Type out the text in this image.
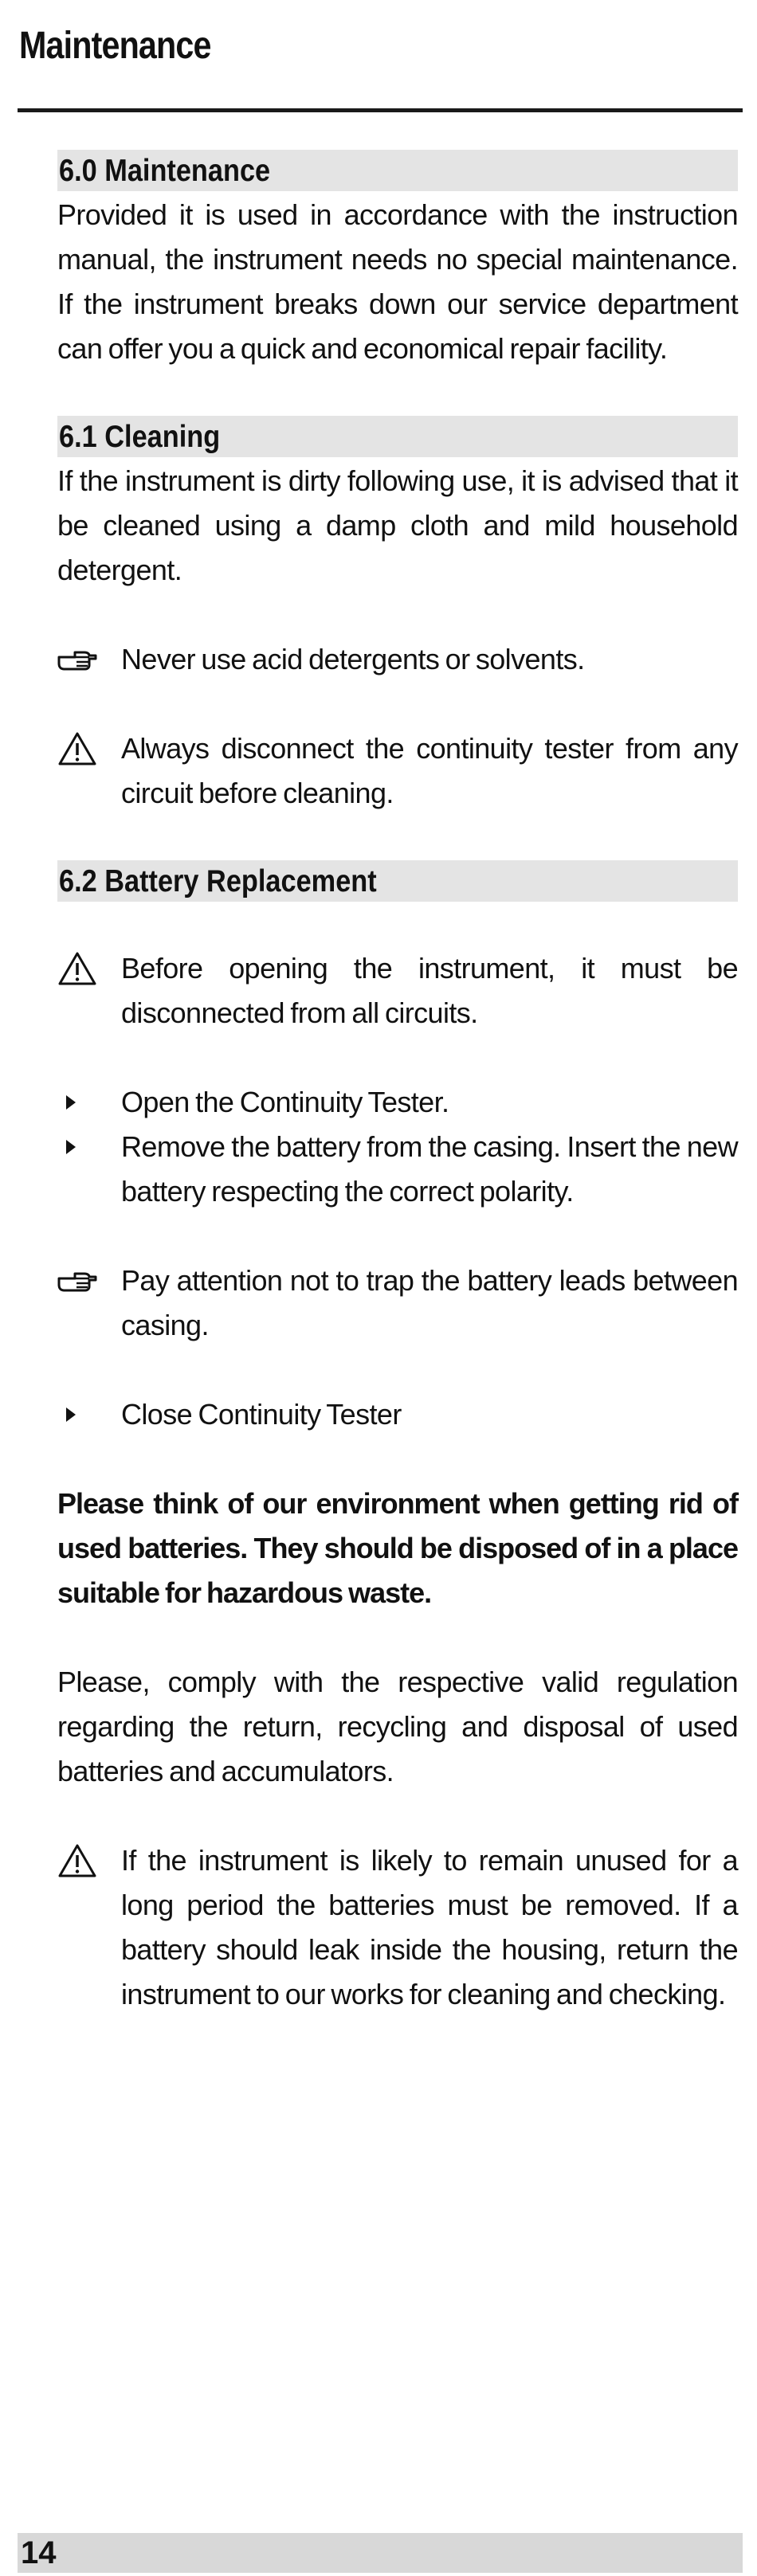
Maintenance
6.0 Maintenance
Provided it is used in accordance with the instruction manual, the instrument needs no special maintenance. If the instrument breaks down our service department can offer you a quick and economical repair facility.
6.1 Cleaning
If the instrument is dirty following use, it is advised that it be cleaned using a damp cloth and mild household detergent.
Never use acid detergents or solvents.
Always disconnect the continuity tester from any circuit before cleaning.
6.2 Battery Replacement
Before opening the instrument, it must be disconnected from all circuits.
Open the Continuity Tester.
Remove the battery from the casing. Insert the new battery respecting the correct polarity.
Pay attention not to trap the battery leads between casing.
Close Continuity Tester
Please think of our environment when getting rid of used batteries. They should be disposed of in a place suitable for hazardous waste.
Please, comply with the respective valid regulation regarding the return, recycling and disposal of used batteries and accumulators.
If the instrument is likely to remain unused for a long period the batteries must be removed. If a battery should leak inside the housing, return the instrument to our works for cleaning and checking.
14
